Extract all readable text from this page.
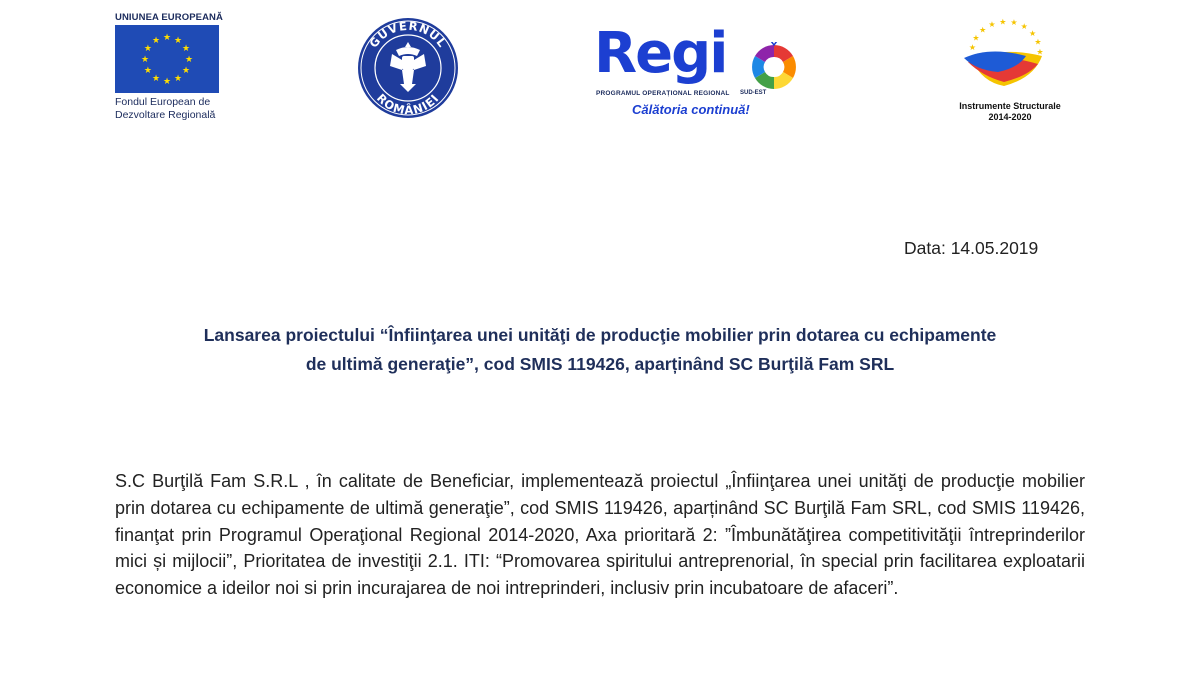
UNIUNEA EUROPEANĂ
★ ★
★
★
★
★
★
★
★
★
★
★
Fondul European de
Dezvoltare Regională
GUVERNUL
ROMÂNIEI
Regi
PROGRAMUL OPERAȚIONAL REGIONAL SUD-EST
Călătoria continuă!
★
★
★
★ ★ ★ ★
★
★
★
Instrumente Structurale
2014-2020
Data: 14.05.2019
Lansarea proiectului “Înfiinţarea unei unităţi de producţie mobilier prin dotarea cu echipamente
de ultimă generaţie”, cod SMIS 119426, aparținând SC Burţilă Fam SRL
S.C Burţilă Fam S.R.L , în calitate de Beneficiar, implementează proiectul „Înfiinţarea unei unităţi de producţie mobilier prin dotarea cu echipamente de ultimă generaţie”, cod SMIS 119426, aparținând SC Burţilă Fam SRL, cod SMIS 119426, finanţat prin Programul Operaţional Regional 2014-2020, Axa prioritară 2: ”Îmbunătăţirea competitivităţii întreprinderilor mici și mijlocii”, Prioritatea de investiţii 2.1. ITI: “Promovarea spiritului antreprenorial, în special prin facilitarea exploatarii economice a ideilor noi si prin incurajarea de noi intreprinderi, inclusiv prin incubatoare de afaceri”.
